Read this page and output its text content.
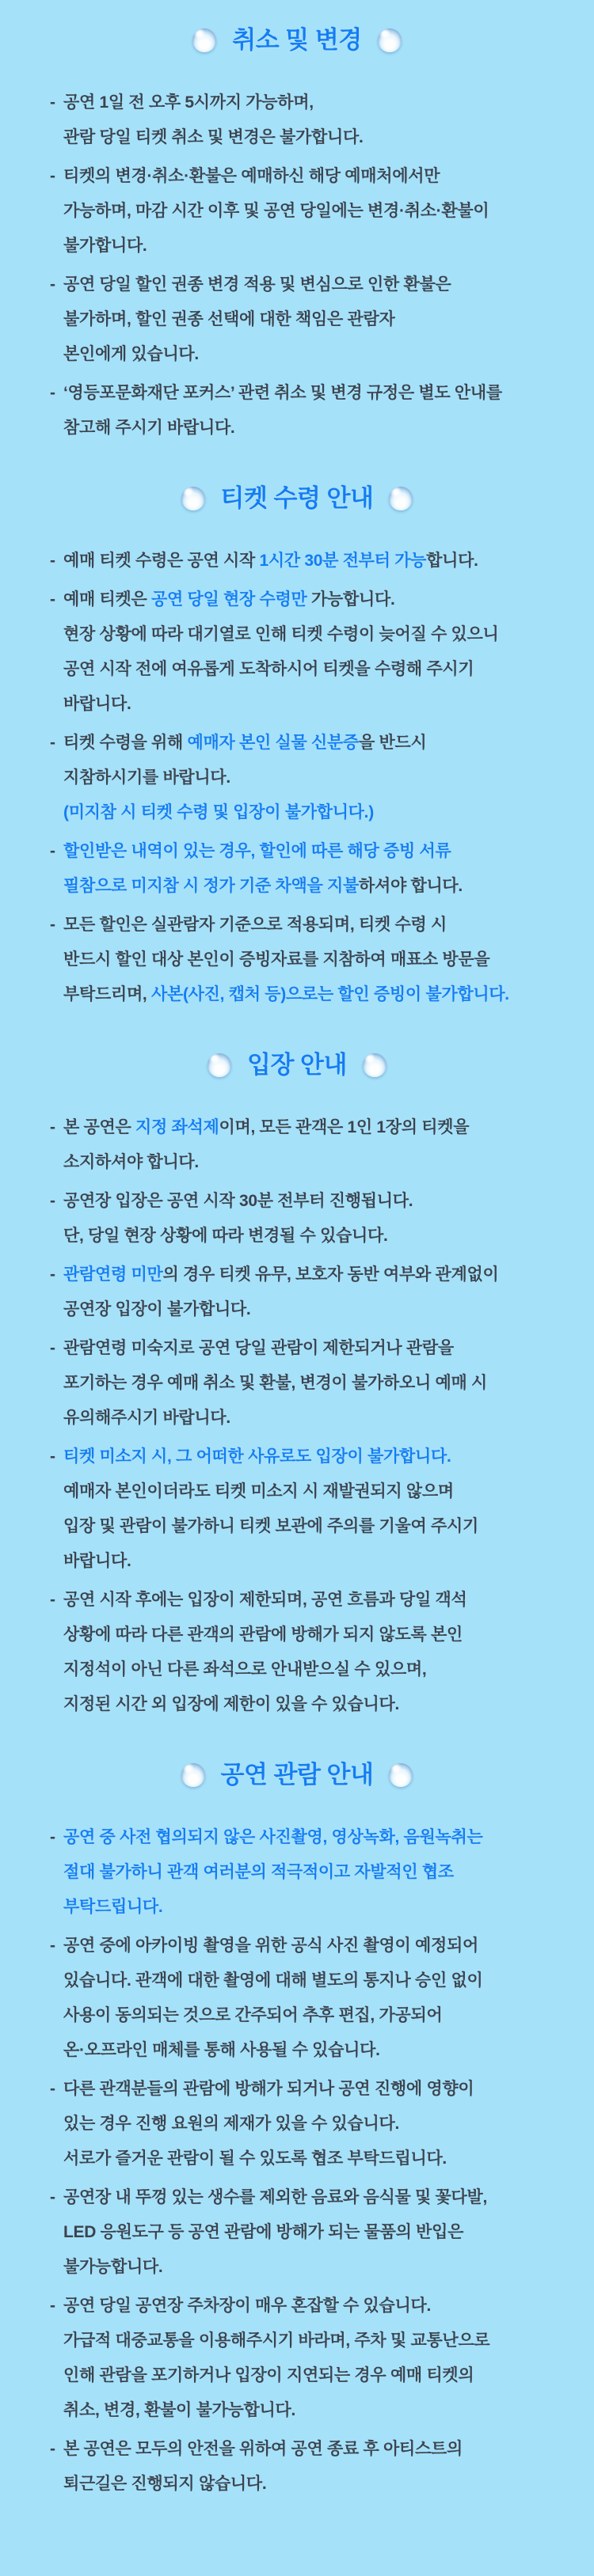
취소 및 변경
- 공연 1일 전 오후 5시까지 가능하며,
관람 당일 티켓 취소 및 변경은 불가합니다.
- 티켓의 변경·취소·환불은 예매하신 해당 예매처에서만
가능하며, 마감 시간 이후 및 공연 당일에는 변경·취소·환불이
불가합니다.
- 공연 당일 할인 권종 변경 적용 및 변심으로 인한 환불은
불가하며, 할인 권종 선택에 대한 책임은 관람자
본인에게 있습니다.
- ‘영등포문화재단 포커스’ 관련 취소 및 변경 규정은 별도 안내를
참고해 주시기 바랍니다.
티켓 수령 안내
- 예매 티켓 수령은 공연 시작 1시간 30분 전부터 가능합니다.
- 예매 티켓은 공연 당일 현장 수령만 가능합니다.
현장 상황에 따라 대기열로 인해 티켓 수령이 늦어질 수 있으니
공연 시작 전에 여유롭게 도착하시어 티켓을 수령해 주시기
바랍니다.
- 티켓 수령을 위해 예매자 본인 실물 신분증을 반드시
지참하시기를 바랍니다.
(미지참 시 티켓 수령 및 입장이 불가합니다.)
- 할인받은 내역이 있는 경우, 할인에 따른 해당 증빙 서류
필참으로 미지참 시 정가 기준 차액을 지불하셔야 합니다.
- 모든 할인은 실관람자 기준으로 적용되며, 티켓 수령 시
반드시 할인 대상 본인이 증빙자료를 지참하여 매표소 방문을
부탁드리며, 사본(사진, 캡처 등)으로는 할인 증빙이 불가합니다.
입장 안내
- 본 공연은 지정 좌석제이며, 모든 관객은 1인 1장의 티켓을
소지하셔야 합니다.
- 공연장 입장은 공연 시작 30분 전부터 진행됩니다.
단, 당일 현장 상황에 따라 변경될 수 있습니다.
- 관람연령 미만의 경우 티켓 유무, 보호자 동반 여부와 관계없이
공연장 입장이 불가합니다.
- 관람연령 미숙지로 공연 당일 관람이 제한되거나 관람을
포기하는 경우 예매 취소 및 환불, 변경이 불가하오니 예매 시
유의해주시기 바랍니다.
- 티켓 미소지 시, 그 어떠한 사유로도 입장이 불가합니다.
예매자 본인이더라도 티켓 미소지 시 재발권되지 않으며
입장 및 관람이 불가하니 티켓 보관에 주의를 기울여 주시기
바랍니다.
- 공연 시작 후에는 입장이 제한되며, 공연 흐름과 당일 객석
상황에 따라 다른 관객의 관람에 방해가 되지 않도록 본인
지정석이 아닌 다른 좌석으로 안내받으실 수 있으며,
지정된 시간 외 입장에 제한이 있을 수 있습니다.
공연 관람 안내
- 공연 중 사전 협의되지 않은 사진촬영, 영상녹화, 음원녹취는
절대 불가하니 관객 여러분의 적극적이고 자발적인 협조
부탁드립니다.
- 공연 중에 아카이빙 촬영을 위한 공식 사진 촬영이 예정되어
있습니다. 관객에 대한 촬영에 대해 별도의 통지나 승인 없이
사용이 동의되는 것으로 간주되어 추후 편집, 가공되어
온·오프라인 매체를 통해 사용될 수 있습니다.
- 다른 관객분들의 관람에 방해가 되거나 공연 진행에 영향이
있는 경우 진행 요원의 제재가 있을 수 있습니다.
서로가 즐거운 관람이 될 수 있도록 협조 부탁드립니다.
- 공연장 내 뚜껑 있는 생수를 제외한 음료와 음식물 및 꽃다발,
LED 응원도구 등 공연 관람에 방해가 되는 물품의 반입은
불가능합니다.
- 공연 당일 공연장 주차장이 매우 혼잡할 수 있습니다.
가급적 대중교통을 이용해주시기 바라며, 주차 및 교통난으로
인해 관람을 포기하거나 입장이 지연되는 경우 예매 티켓의
취소, 변경, 환불이 불가능합니다.
- 본 공연은 모두의 안전을 위하여 공연 종료 후 아티스트의
퇴근길은 진행되지 않습니다.
